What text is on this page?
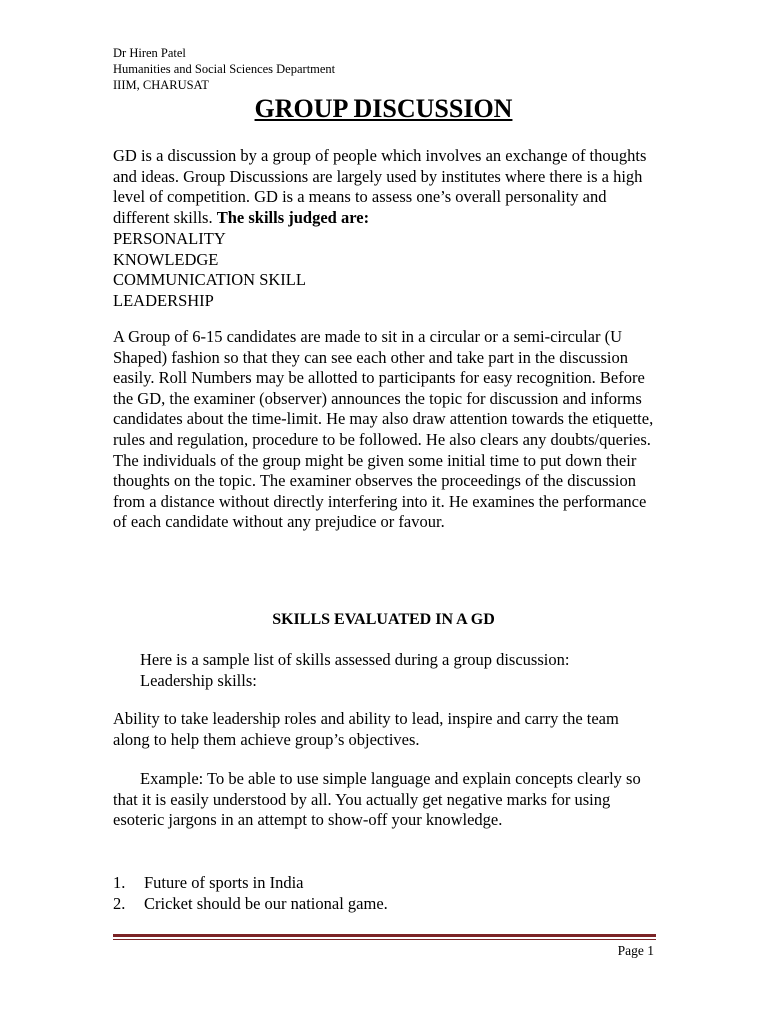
Dr Hiren Patel
Humanities and Social Sciences Department
IIIM, CHARUSAT
GROUP DISCUSSION
GD is a discussion by a group of people which involves an exchange of thoughts and ideas. Group Discussions are largely used by institutes where there is a high level of competition. GD is a means to assess one’s overall personality and different skills. The skills judged are:
PERSONALITY
KNOWLEDGE
COMMUNICATION SKILL
LEADERSHIP
A Group of 6-15 candidates are made to sit in a circular or a semi-circular (U Shaped) fashion so that they can see each other and take part in the discussion easily. Roll Numbers may be allotted to participants for easy recognition. Before the GD, the examiner (observer) announces the topic for discussion and informs candidates about the time-limit. He may also draw attention towards the etiquette, rules and regulation, procedure to be followed. He also clears any doubts/queries. The individuals of the group might be given some initial time to put down their thoughts on the topic. The examiner observes the proceedings of the discussion from a distance without directly interfering into it. He examines the performance of each candidate without any prejudice or favour.
SKILLS EVALUATED IN A GD
Here is a sample list of skills assessed during a group discussion:
Leadership skills:
Ability to take leadership roles and ability to lead, inspire and carry the team along to help them achieve group’s objectives.
Example: To be able to use simple language and explain concepts clearly so that it is easily understood by all. You actually get negative marks for using esoteric jargons in an attempt to show-off your knowledge.
1.	Future of sports in India
2.	Cricket should be our national game.
Page 1
